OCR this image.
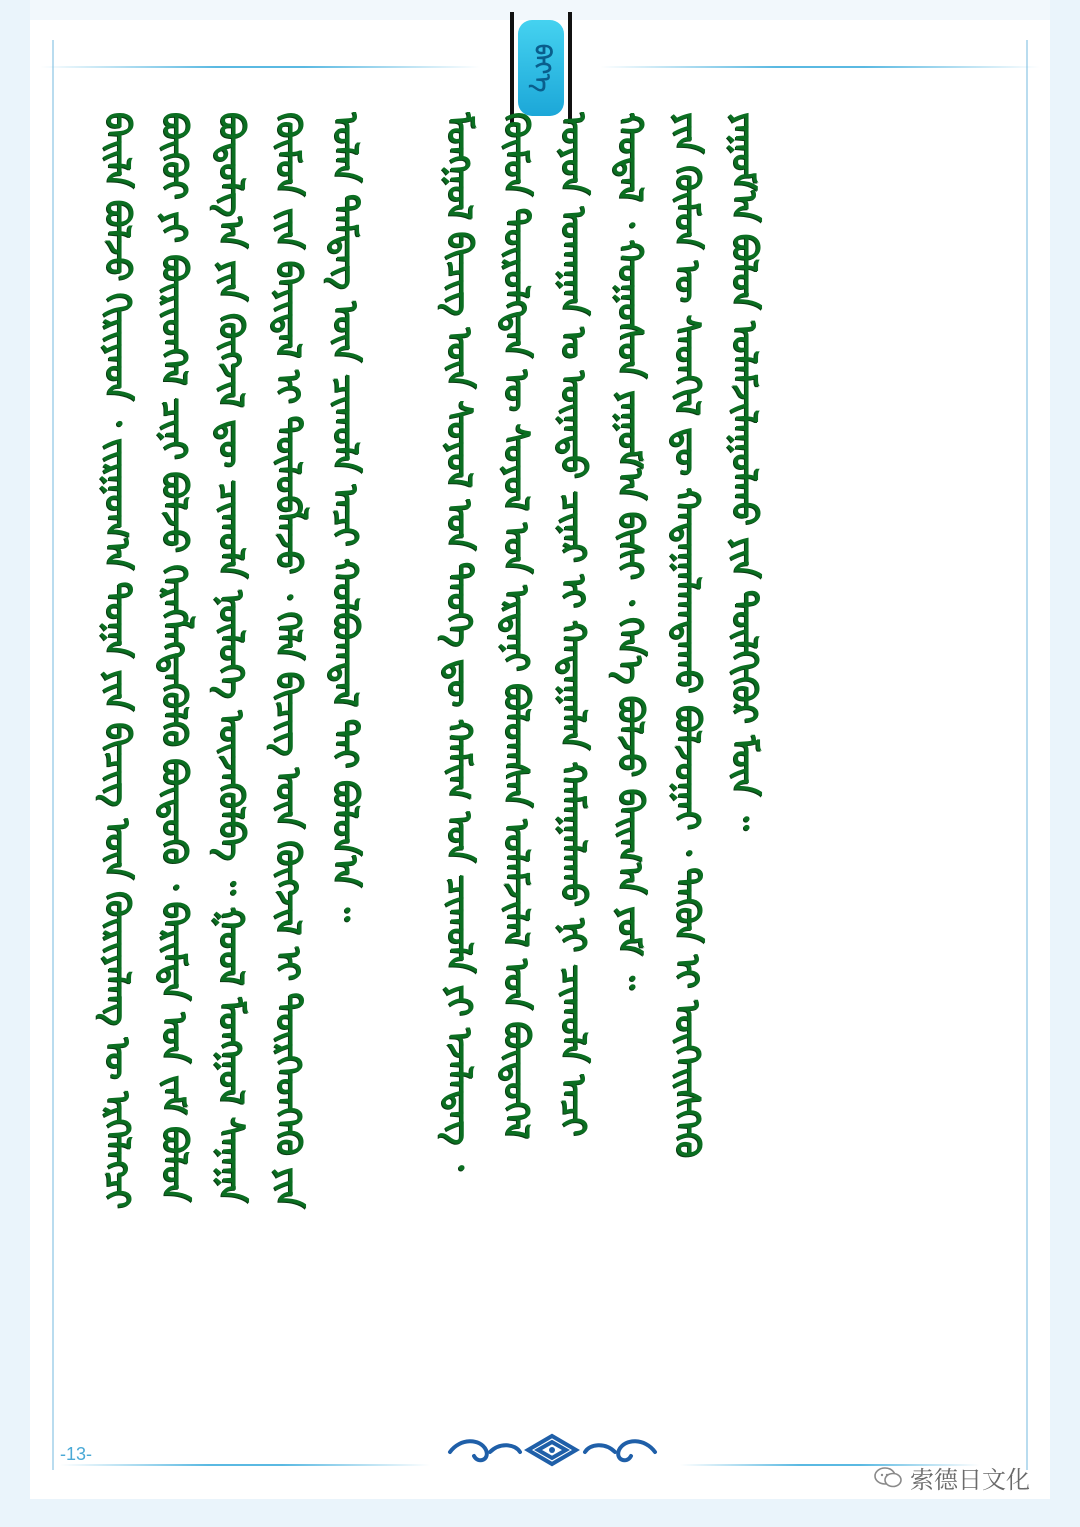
ᠪᠡᠶ᠎ᠡ
ᠪᠡᠢᠯᠡ ᠪᠣᠯᠵᠤ ᠬᠢᠷᠢᠶᠡᠳ ᠂ ᠵᠢᠷᠭᠤᠭ᠎ᠠ ᠲᠣᠭᠠ ᠶᠢᠨ ᠪᠢᠴᠢᠭ ᠦᠨ ᠬᠦᠷᠢᠶᠡᠯᠡᠩ ᠦ ᠡᠷᠬᠡᠯᠡᠭᠴᠢ ᠪᠦᠬᠦᠢ ᠶᠢ ᠪᠦᠷᠢᠳᠬᠡᠯ ᠴᠢᠨᠢ ᠪᠣᠯᠵᠤ ᠬᠡᠷᠡᠭᠯᠡᠭᠳᠡᠭᠦᠯᠬᠦ ᠪᠦᠳᠦᠬᠦ ᠂ ᠪᠠᠷᠢᠮᠲᠠ ᠤᠨ ᠵᠠᠮ ᠪᠣᠯᠤᠨ ᠪᠣᠳᠣᠯᠭ᠎ᠠ ᠶᠢᠨ ᠬᠥᠭᠵᠢᠯ ᠳᠦ ᠴᠢᠬᠤᠯᠠ ᠨᠥᠯᠦᠭᠡ ᠦᠵᠡᠭᠦᠯᠪᠡ ᠃ ᠭᠣᠤᠯ ᠮᠣᠩᠭᠣᠯ ᠰᠠᠨᠠᠭᠠ ᠬᠦᠮᠦᠨ ᠵᠢᠨ ᠪᠠᠶᠢᠳᠠᠯ ᠢ ᠲᠥᠯᠦᠪᠯᠡᠵᠦ ᠂ ᠬᠡᠯᠡ ᠪᠢᠴᠢᠭ ᠦᠨ ᠬᠥᠭᠵᠢᠯ ᠢ ᠲᠦᠷᠭᠡᠳᠭᠡᠬᠦ ᠶᠢᠨ ᠣᠯᠠᠨ ᠲᠡᠮᠳᠡᠭ ᠦᠨ ᠴᠢᠬᠤᠯᠠ ᠠᠴᠢ ᠬᠣᠯᠪᠣᠭᠳᠠᠯ ᠲᠠᠢ ᠪᠣᠯᠤᠨ᠎ᠠ ᠃ ᠮᠣᠩᠭᠣᠯ ᠪᠢᠴᠢᠭ ᠦᠨ ᠰᠣᠶᠣᠯ ᠤᠨ ᠲᠡᠦᠬᠡ ᠳᠦ ᠬᠠᠮᠢᠭ ᠤᠨ ᠴᠢᠬᠤᠯᠠ ᠶᠢ ᠡᠵᠡᠯᠡᠳᠡᠭ ᠂ ᠬᠦᠮᠦᠨ ᠲᠥᠷᠦᠯᠬᠲᠡᠨ ᠦ ᠰᠣᠶᠣᠯ ᠤᠨ ᠡᠷᠳᠡᠨᠢ ᠪᠣᠯᠤᠭᠰᠠᠨ ᠤᠯᠠᠮᠵᠢᠯᠠᠯ ᠤᠨ ᠪᠦᠲᠦᠭᠡᠯ ᠤᠶᠤᠨ ᠤᠬᠠᠭᠠᠨ ᠤ ᠦᠨᠡᠲᠦ ᠴᠢᠨᠠᠷ ᠢ ᠬᠠᠳᠠᠭᠠᠯᠠᠨ ᠬᠠᠮᠠᠭᠠᠯᠠᠬᠤ ᠨᠢ ᠴᠢᠬᠤᠯᠠ ᠠᠴᠢ ᠬᠤᠳᠠᠯ ᠂ ᠬᠣᠭᠣᠰᠣᠨ ᠶᠠᠭᠤᠮ᠎ᠠ ᠪᠢᠰᠢ ᠂ ᠭᠡᠨ᠎ᠡ ᠪᠣᠯᠵᠤ ᠪᠠᠢᠭ᠎ᠠ ᠶᠤᠮ ᠃ ᠶᠢᠨ ᠬᠦᠮᠦᠨ ᠦ ᠰᠡᠳᠬᠢᠯ ᠳᠦ ᠬᠠᠳᠠᠭᠠᠯᠠᠭᠳᠠᠬᠤ ᠪᠣᠯᠵᠣᠭᠠᠢ ᠂ ᠲᠡᠭᠦᠨ ᠢ ᠦᠭᠡᠢᠰᠭᠡᠬᠦ ᠶᠠᠭᠤᠮ᠎ᠠ ᠪᠣᠯᠤᠨ ᠤᠯᠠᠮᠵᠢᠯᠠᠭᠤᠯᠬᠤ ᠶᠢᠨ ᠲᠦᠯᠬᠢᠭᠦᠷ ᠮᠥᠨ ᠃
-13-
索德日文化
